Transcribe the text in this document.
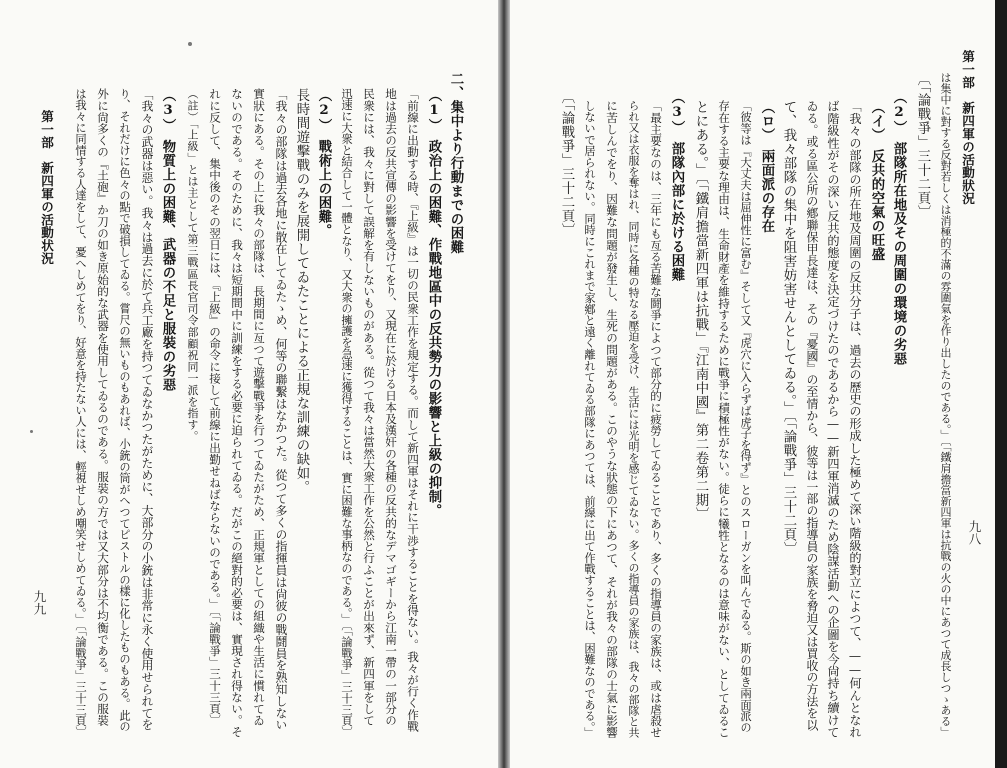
第一部　新四軍の活動狀況
は集中に對する反對若しくは消極的不滿の雰圍氣を作り出したのである。」〔「鐵肩擔當新四軍は抗戰の火の中にあつて成長しつゝある」
〔「論戰爭」三十二頁〕
（2）　部隊所在地及その周圍の環境の劣惡
（イ）　反共的空氣の旺盛
「我々の部隊の所在地及周圍の反共分子は、過去の歷史の形成した極めて深い階級的對立によつて、——何んとなれ
ば階級性がその深い反共的態度を決定づけたのであるから——新四軍消滅のため陰謀活動への企圖を今尙持ち續けて
ゐる。或る區公所の鄕聯保甲長達は、その『憂國』の至情から、彼等は一部の指導員の家族を脅迫又は買收の方法を以
て、我々部隊の集中を阻害妨害せんとしてゐる。」〔「論戰爭」三十二頁〕
（ロ）　兩面派の存在
「彼等は『大丈夫は屈伸性に富む』そして又『虎穴に入らずば虎子を得ず』とのスローガンを叫んでゐる。斯の如き兩面派の
存在する主要な理由は、生命財產を維持するために戰爭に積極性がない。徒らに犧牲となるのは意味がない、としてゐるこ
とにある。」〔「鐵肩擔當新四軍は抗戰」『江南中國』第二卷第二期〕
（3）　部隊內部に於ける困難
「最主要なのは、三年にも亙る苦難な鬪爭によつて部分的に疲勞してゐることであり、多くの指導員の家族は、或は虐殺せ
られ又は衣服を奪はれ、同時に各種の特なる壓迫を受け、生活には光明を感じてゐない。多くの指導員の家族は、我々の部隊と共
に苦しんでをり、因難な問題が發生し、生死の問題がある。このやうな狀態の下にあつて、それが我々の部隊の士氣に影響
しないで居られない。同時にこれまで家鄕と遠く離れてゐる部隊にあつては、前線に出て作戰することは、困難なのである。」
〔「論戰爭」三十二頁〕
九八
二、集中より行動までの困難
（1）　政治上の困難、作戰地區中の反共勢力の影響と上級の抑制。
「前線に出動する時、『上級』は一切の民衆工作を規定する。而して新四軍はそれに干渉することを得ない。我々が行く作戰
地は過去の反共宣傳の影響を受けてをり、又現在に於ける日本及漢奸の各種の反共的なデマゴギーから江南一帶の一部分の
民衆には、我々に對して誤解を有しないものがある。從つて我々は當然大衆工作を公然と行ふことが出來ず、新四軍をして
迅速に大衆と結合して一體となり、又大衆の擁護を急速に獲得することは、實に困難な事柄なのである。」〔「論戰爭」三十三頁〕
（2）　戰術上の困難。
長時間遊擊戰のみを展開してゐたことによる正規な訓練の缺如。
「我々の部隊は過去各地に散在してゐたゝめ、何等の聯繫はなかつた。從つて多くの指揮員は尙彼の戰鬪員を熟知しない
實狀にある。その上に我々の部隊は、長期間に亙つて遊擊戰爭を行つてゐたがため、正規軍としての組織や生活に慣れてゐ
ないのである。そのために、我々は短期間中に訓練をする必要に迫られてゐる。だがこの絕對的必要は、實現され得ない。そ
れに反して、集中後のその翌日には、『上級』の命令に接して前線に出勤せねばならないのである。」〔「論戰爭」三十三頁〕
（註）「上級」とは主として第三戰區長官司令部顧祝同一派を指す。
（3）　物質上の困難、武器の不足と服裝の劣惡
「我々の武器は惡い。我々は過去に於て兵工廠を持つてゐなかつたがために、大部分の小銃は非常に永く使用せられてを
り、それだけに色々の點で破損してゐる。嘗尺の無いものもあれば、小銃の筒がへつてピストルの樣に化したものもある。此の
外に尙多くの『土砲』か刀の如き原始的な武器を使用してゐるのである。服裝の方では又大部分は不均衡である。この服裝
は我々に同情する人達をして、憂へしめてをり、好意を持たない人には、輕視せしめ嘲笑せしめてゐる。」〔「論戰爭」三十三頁〕
第一部　新四軍の活動状況
九九
